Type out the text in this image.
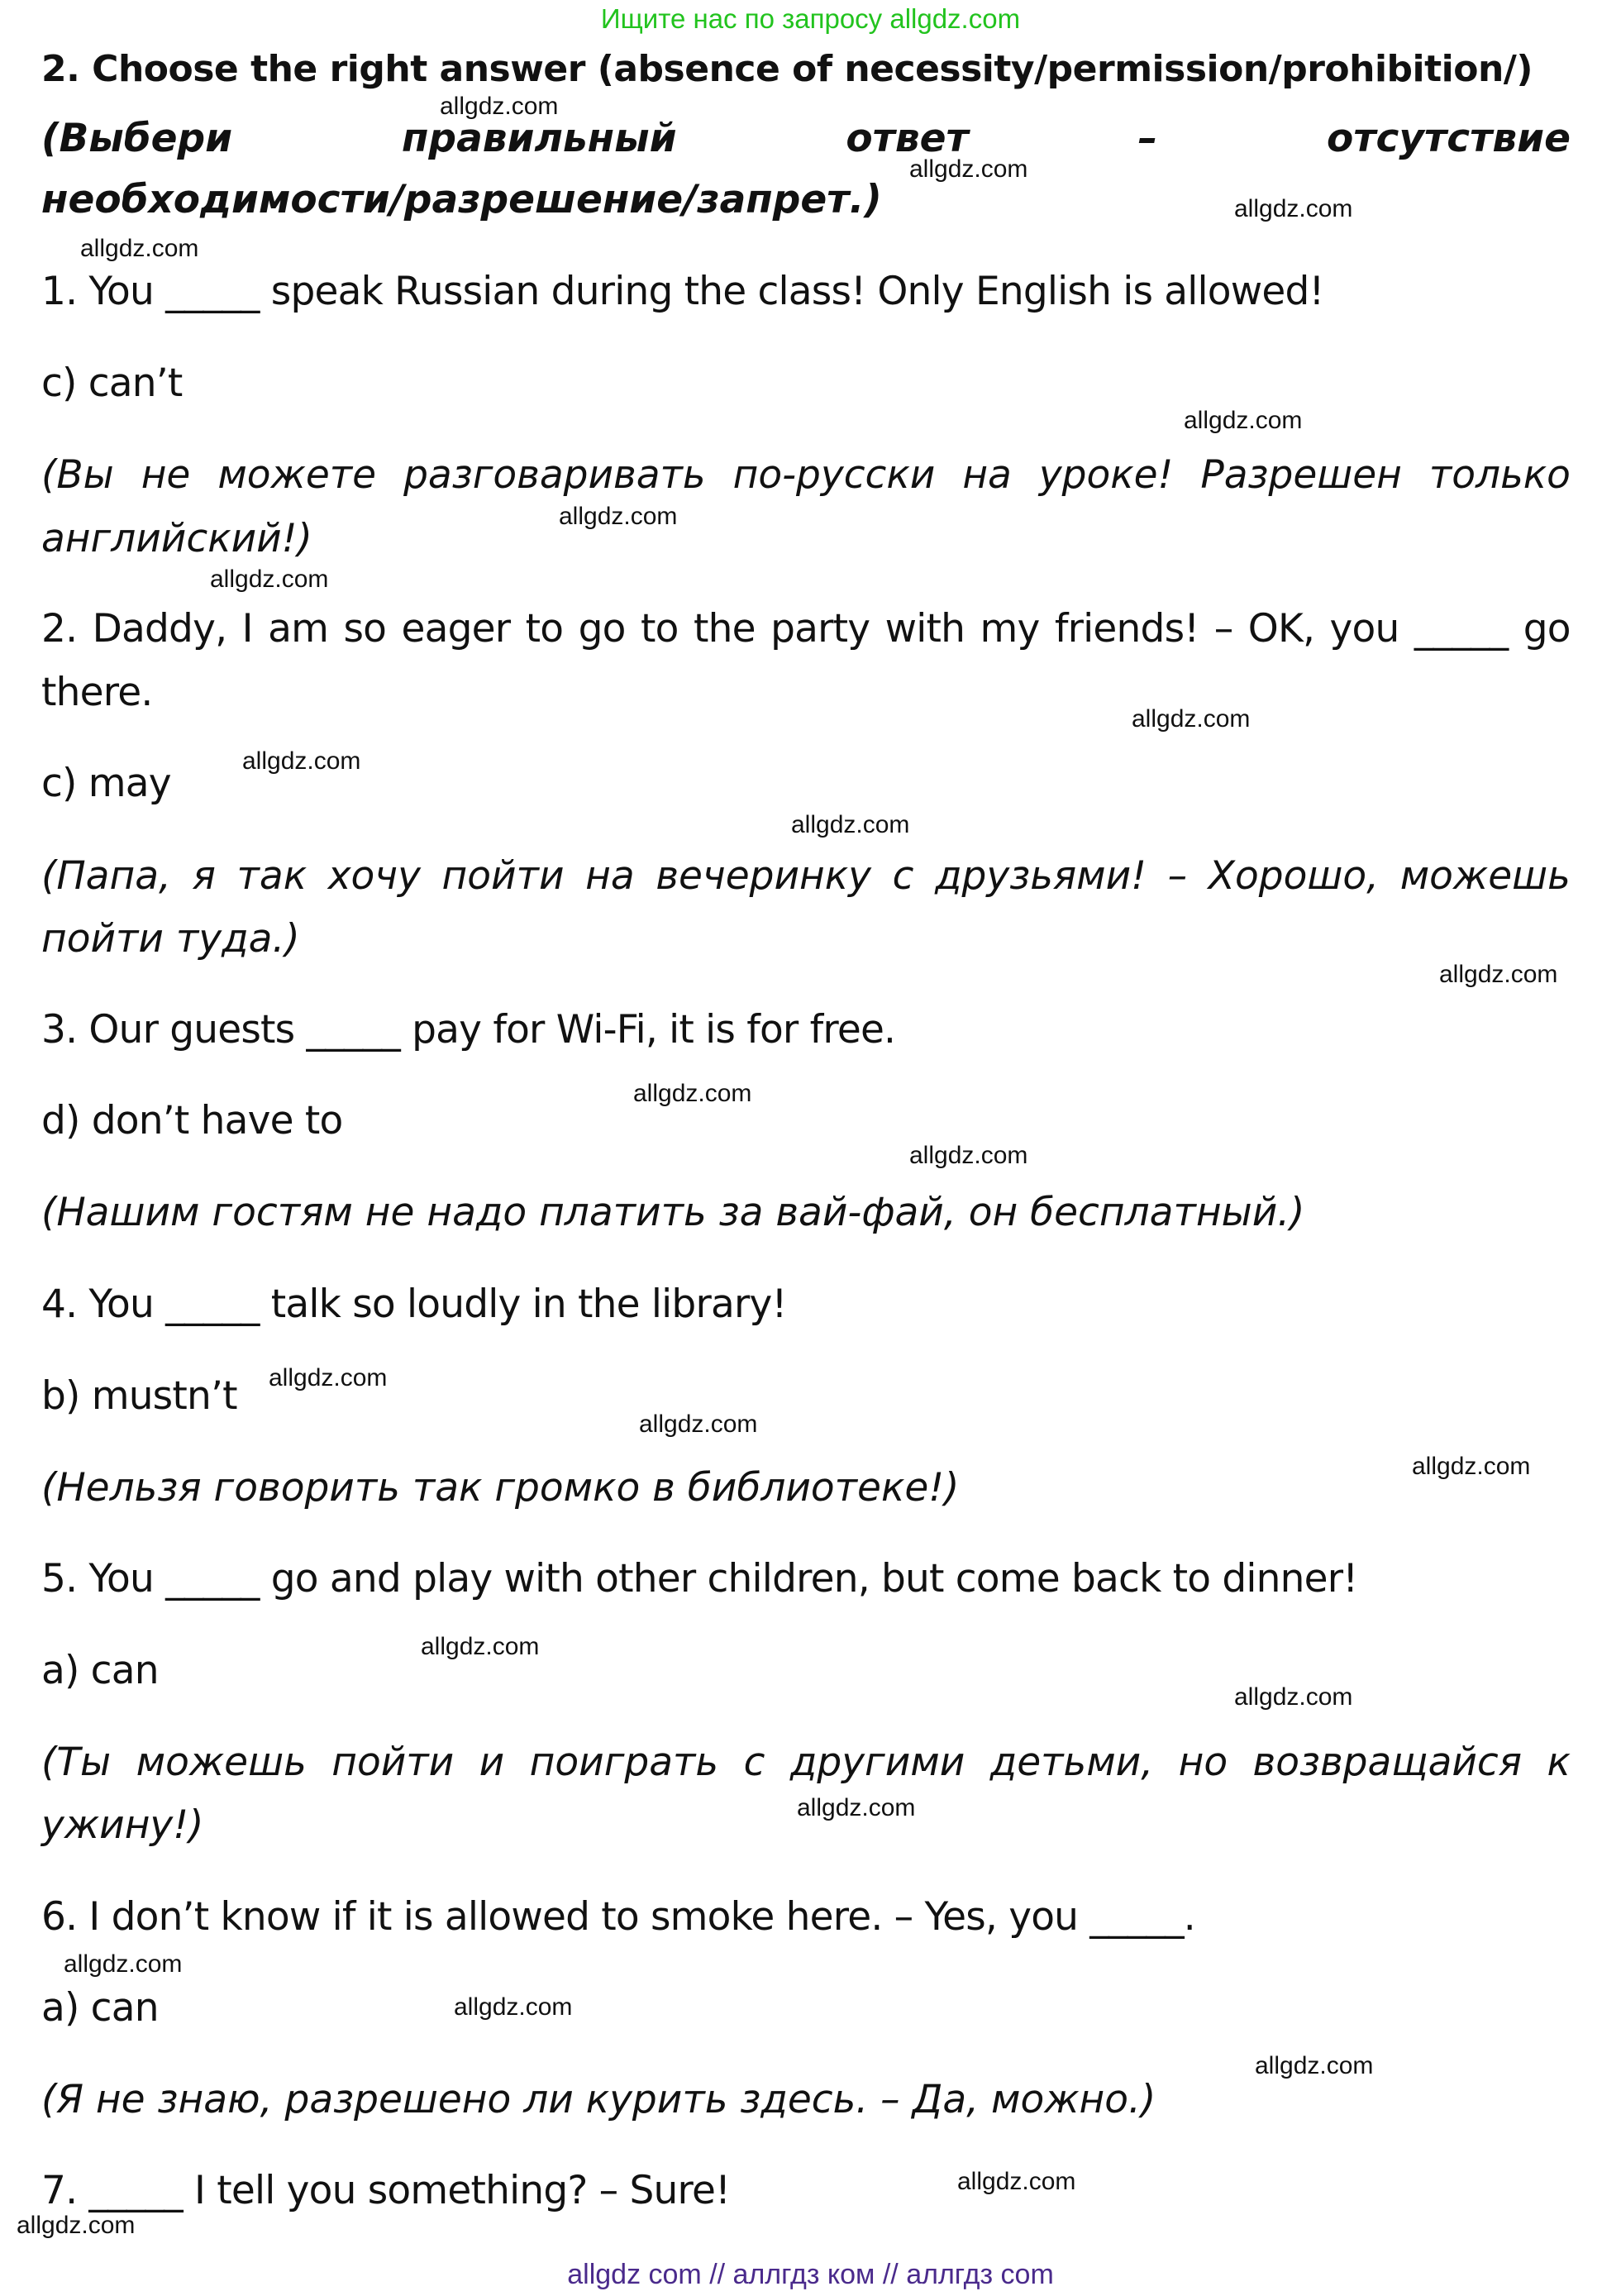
Ищите нас по запросу allgdz.com
2. Choose the right answer (absence of necessity/permission/prohibition/)
(Выбери	правильный	ответ	–	отсутствие
необходимости/разрешение/запрет.)
1. You _____ speak Russian during the class! Only English is allowed!
c) can’t
(Вы не можете разговаривать по-русски на уроке! Разрешен только
английский!)
2. Daddy, I am so eager to go to the party with my friends! – OK, you _____ go
there.
c) may
(Папа, я так хочу пойти на вечеринку с друзьями! – Хорошо, можешь
пойти туда.)
3. Our guests _____ pay for Wi-Fi, it is for free.
d) don’t have to
(Нашим гостям не надо платить за вай-фай, он бесплатный.)
4. You _____ talk so loudly in the library!
b) mustn’t
(Нельзя говорить так громко в библиотеке!)
5. You _____ go and play with other children, but come back to dinner!
a) can
(Ты можешь пойти и поиграть с другими детьми, но возвращайся к
ужину!)
6. I don’t know if it is allowed to smoke here. – Yes, you _____.
a) can
(Я не знаю, разрешено ли курить здесь. – Да, можно.)
7. _____ I tell you something? – Sure!
allgdz.com
allgdz.com
allgdz.com
allgdz.com
allgdz.com
allgdz.com
allgdz.com
allgdz.com
allgdz.com
allgdz.com
allgdz.com
allgdz.com
allgdz.com
allgdz.com
allgdz.com
allgdz.com
allgdz.com
allgdz.com
allgdz.com
allgdz.com
allgdz.com
allgdz.com
allgdz.com
allgdz.com
allgdz com // аллгдз ком // аллгдз com
